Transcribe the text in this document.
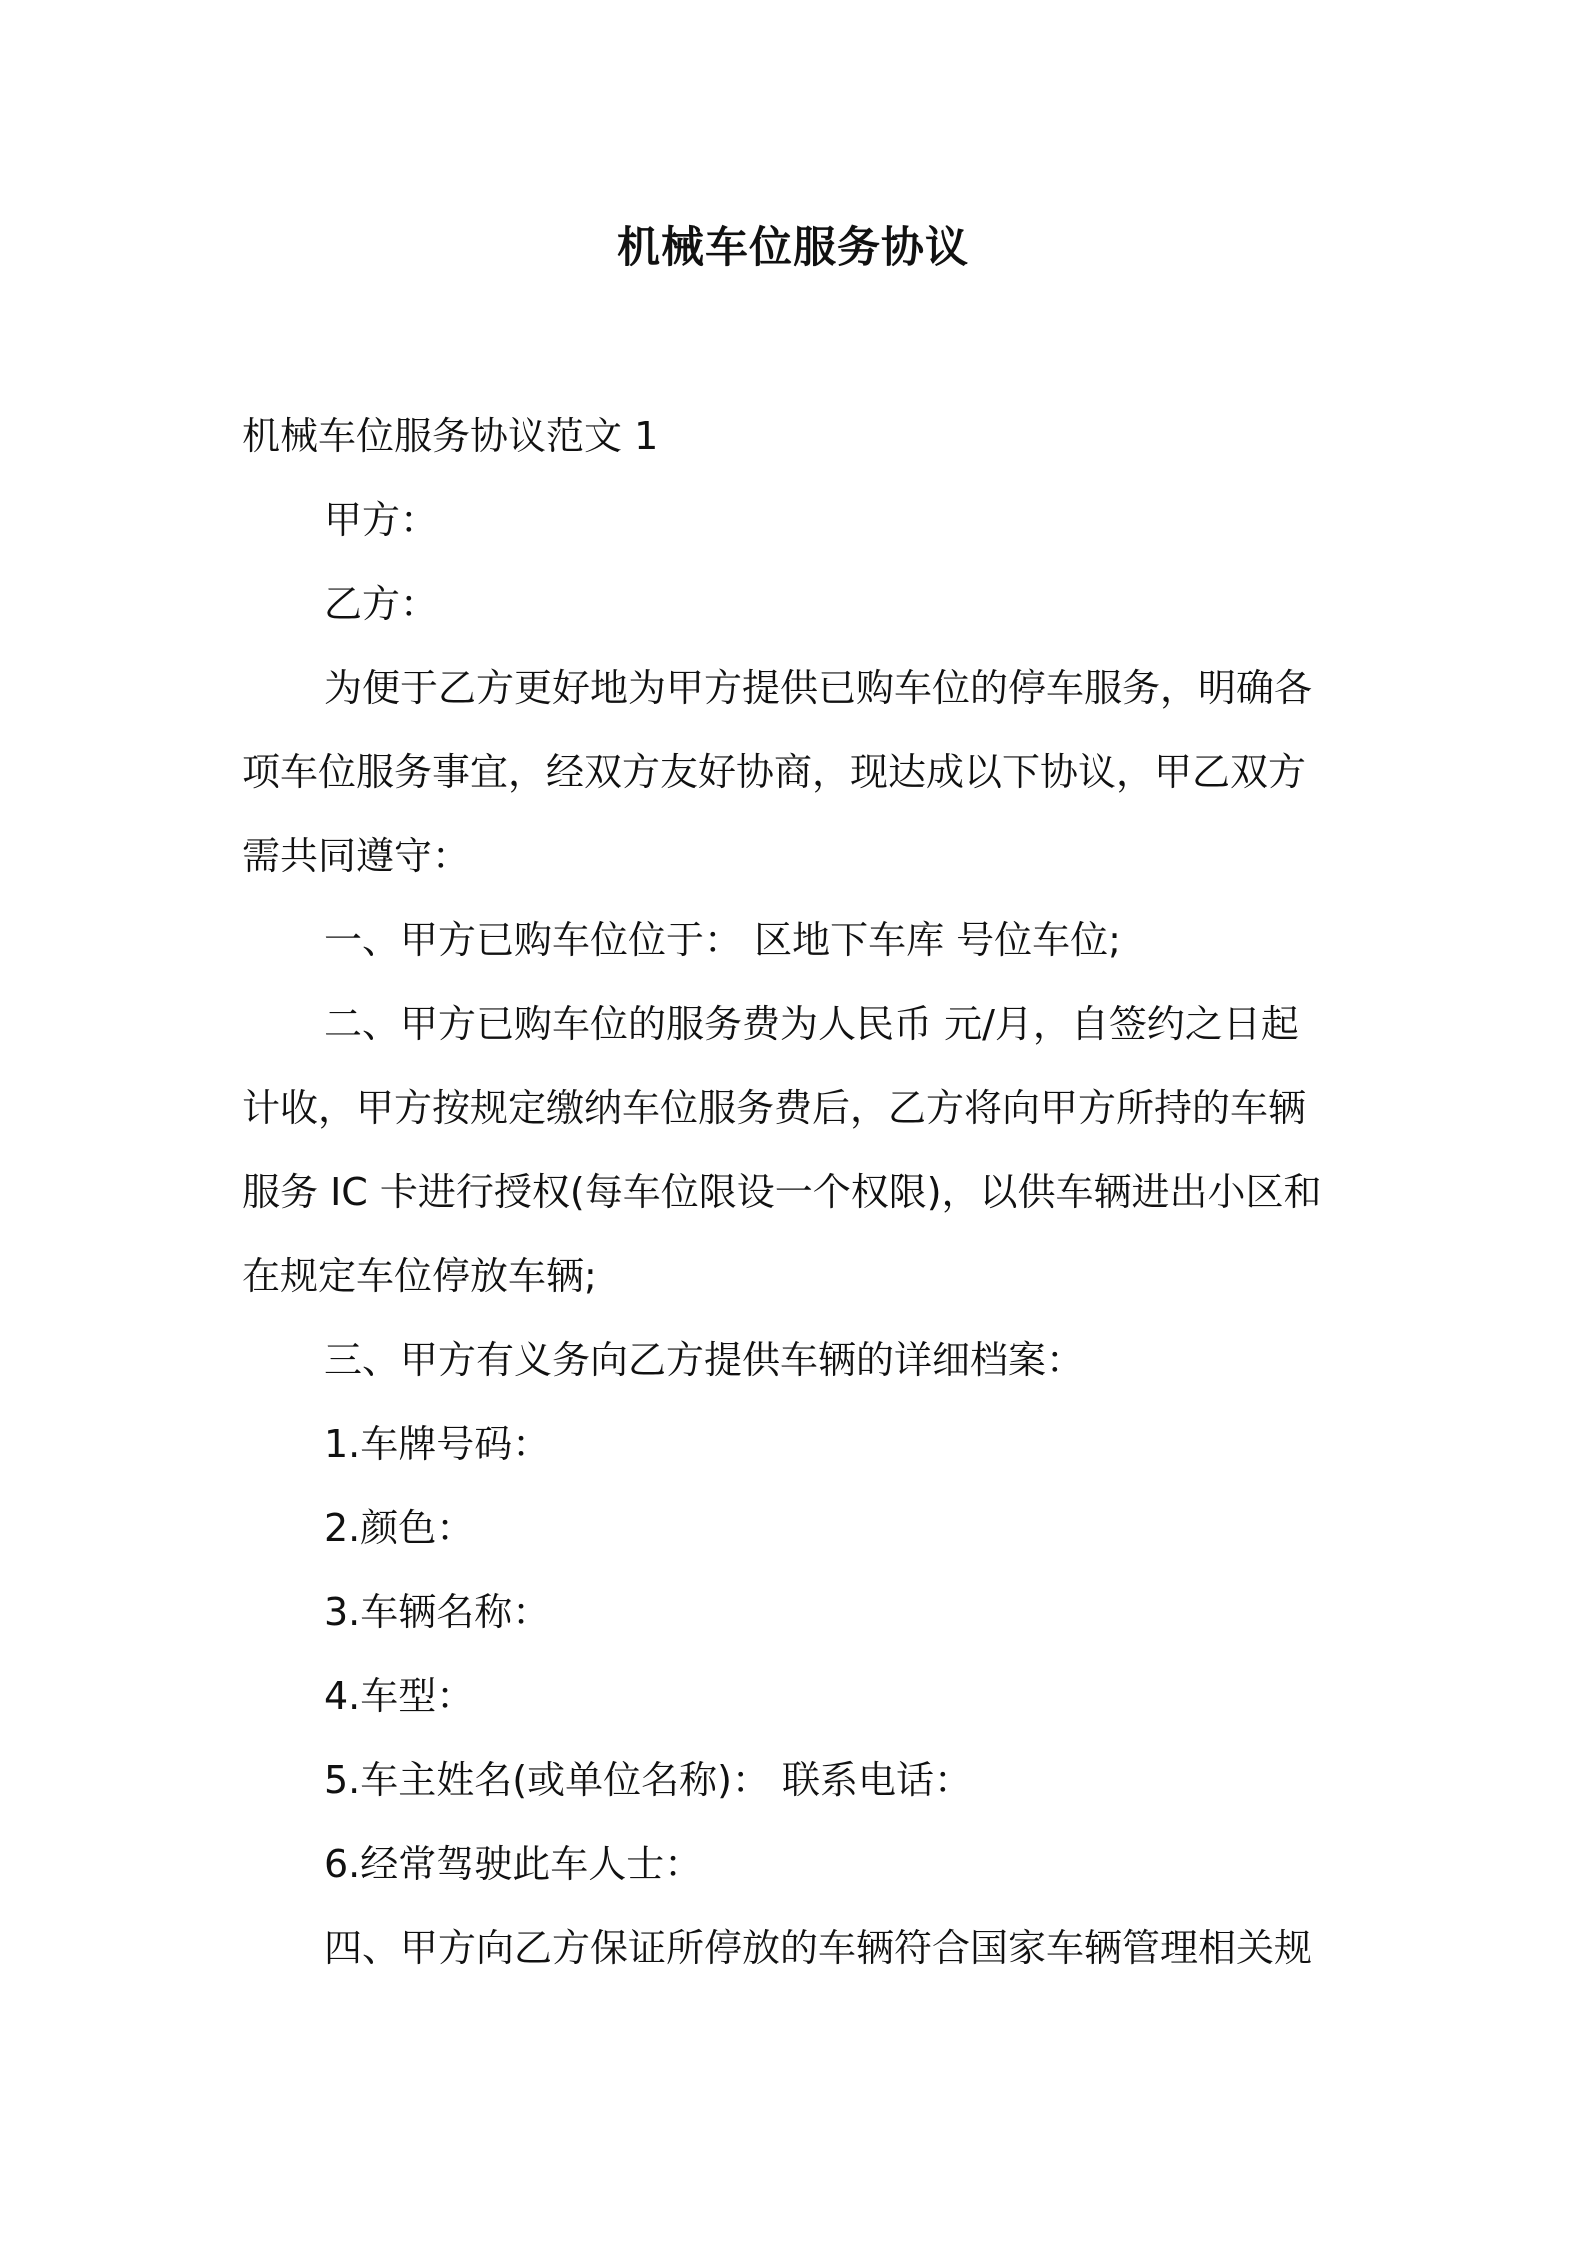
机械车位服务协议
机械车位服务协议范文 1
甲方：
乙方：
为便于乙方更好地为甲方提供已购车位的停车服务，明确各
项车位服务事宜，经双方友好协商，现达成以下协议，甲乙双方
需共同遵守：
一、甲方已购车位位于： 区地下车库 号位车位;
二、甲方已购车位的服务费为人民币 元/月，自签约之日起
计收，甲方按规定缴纳车位服务费后，乙方将向甲方所持的车辆
服务 IC 卡进行授权(每车位限设一个权限)，以供车辆进出小区和
在规定车位停放车辆;
三、甲方有义务向乙方提供车辆的详细档案：
1.车牌号码：
2.颜色：
3.车辆名称：
4.车型：
5.车主姓名(或单位名称)： 联系电话：
6.经常驾驶此车人士：
四、甲方向乙方保证所停放的车辆符合国家车辆管理相关规
